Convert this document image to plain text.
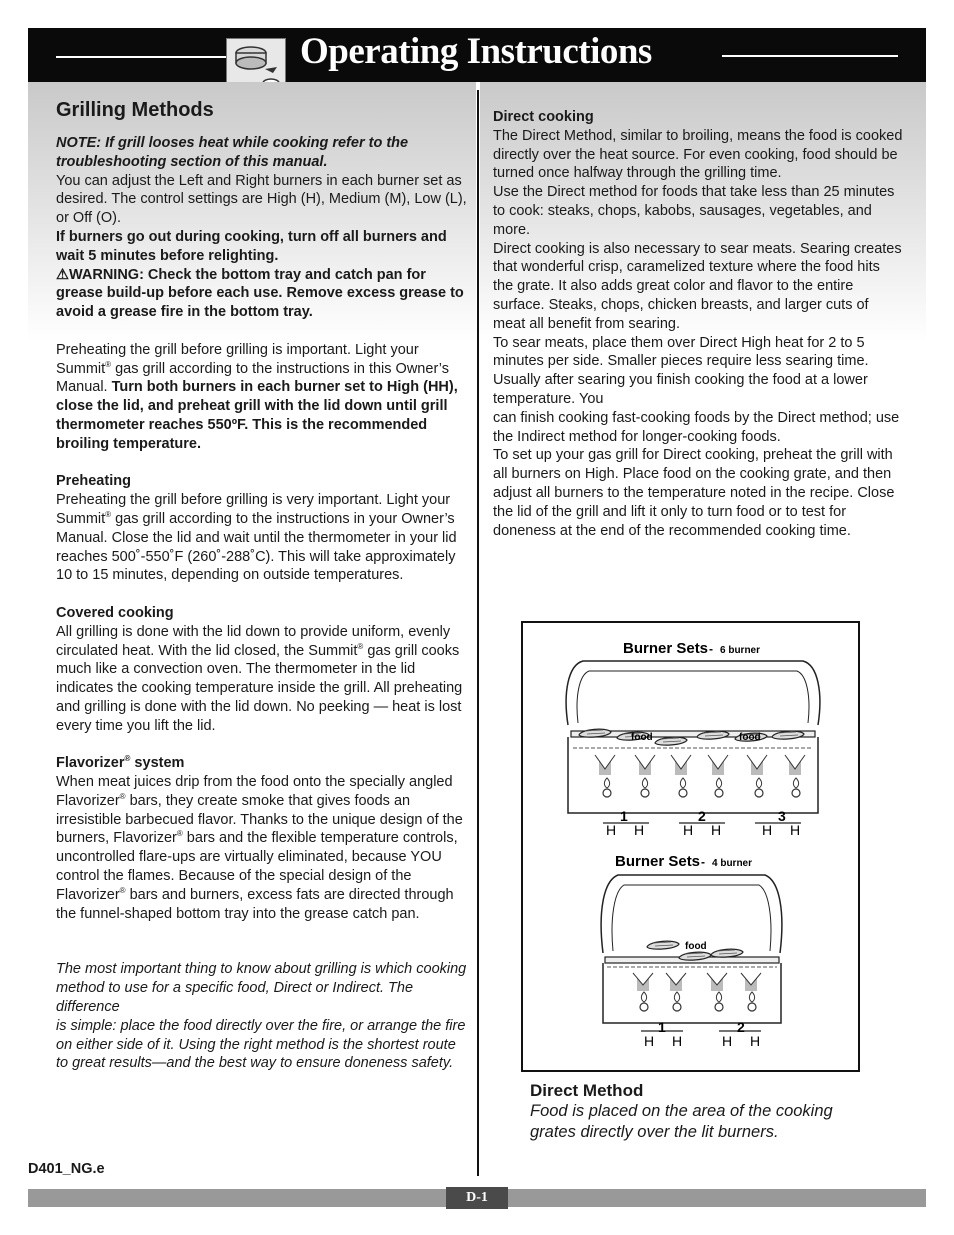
Operating Instructions
Grilling Methods

NOTE: If grill looses heat while cooking refer to the troubleshooting section of this manual.

You can adjust the Left and Right burners in each burner set as desired. The control settings are High (H), Medium (M), Low (L), or Off (O).

If burners go out during cooking, turn off all burners and wait 5 minutes before relighting.

⚠WARNING: Check the bottom tray and catch pan for grease build-up before each use. Remove excess grease to avoid a grease fire in the bottom tray.

Preheating the grill before grilling is important. Light your Summit® gas grill according to the instructions in this Owner’s Manual. Turn both burners in each burner set to High (HH), close the lid, and preheat grill with the lid down until grill thermometer reaches 550ºF. This is the recommended broiling temperature.

Preheating

Preheating the grill before grilling is very important. Light your Summit® gas grill according to the instructions in your Owner’s Manual. Close the lid and wait until the thermometer in your lid reaches 500˚-550˚F (260˚-288˚C). This will take approximately 10 to 15 minutes, depending on outside temperatures.

Covered cooking

All grilling is done with the lid down to provide uniform, evenly circulated heat. With the lid closed, the Summit® gas grill cooks much like a convection oven. The thermometer in the lid indicates the cooking temperature inside the grill. All preheating and grilling is done with the lid down. No peeking — heat is lost every time you lift the lid.

Flavorizer® system

When meat juices drip from the food onto the specially angled Flavorizer® bars, they create smoke that gives foods an irresistible barbecued flavor. Thanks to the unique design of the burners, Flavorizer® bars and the flexible temperature controls, uncontrolled flare-ups are virtually eliminated, because YOU control the flames. Because of the special design of the Flavorizer® bars and burners, excess fats are directed through the funnel-shaped bottom tray into the grease catch pan.

The most important thing to know about grilling is which cooking method to use for a specific food, Direct or Indirect. The difference

is simple: place the food directly over the fire, or arrange the fire on either side of it. Using the right method is the shortest route to great results—and the best way to ensure doneness safety.

Direct cooking

The Direct Method, similar to broiling, means the food is cooked directly over the heat source. For even cooking, food should be turned once halfway through the grilling time.

Use the Direct method for foods that take less than 25 minutes to cook: steaks, chops, kabobs, sausages, vegetables, and more.

Direct cooking is also necessary to sear meats. Searing creates that wonderful crisp, caramelized texture where the food hits the grate. It also adds great color and flavor to the entire surface. Steaks, chops, chicken breasts, and larger cuts of meat all benefit from searing.

To sear meats, place them over Direct High heat for 2 to 5 minutes per side. Smaller pieces require less searing time. Usually after searing you finish cooking the food at a lower temperature. You

can finish cooking fast-cooking foods by the Direct method; use

the Indirect method for longer-cooking foods.

To set up your gas grill for Direct cooking, preheat the grill with all burners on High. Place food on the cooking grate, and then adjust all burners to the temperature noted in the recipe. Close the lid of the grill and lift it only to turn food or to test for doneness at the end of the recommended cooking time.

Burner Sets - 6 burner
food	food
1	2	3
H H	H H	H H
Burner Sets - 4 burner
food
1	2
H H	H H
Direct Method
Food is placed on the area of the cooking grates directly over the lit burners.
D401_NG.e
D-1
